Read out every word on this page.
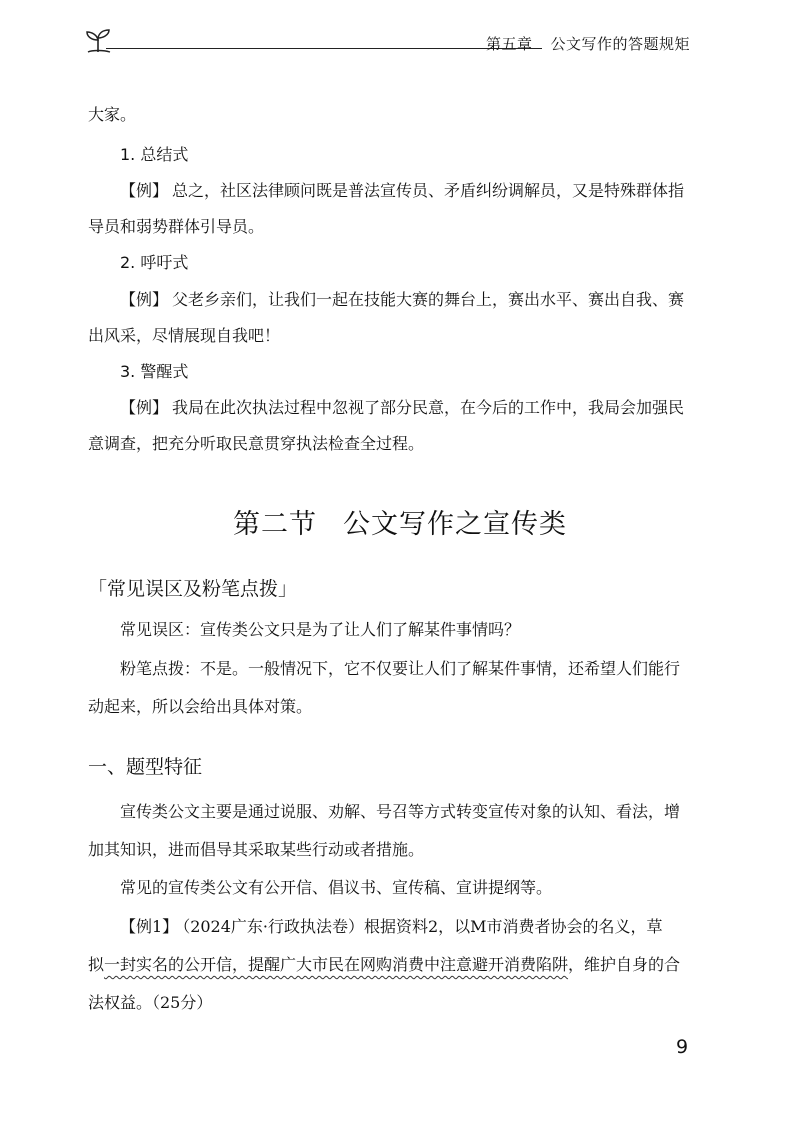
第五章 公文写作的答题规矩
大家。
1. 总结式
【例】 总之，社区法律顾问既是普法宣传员、矛盾纠纷调解员，又是特殊群体指
导员和弱势群体引导员。
2. 呼吁式
【例】 父老乡亲们，让我们一起在技能大赛的舞台上，赛出水平、赛出自我、赛
出风采，尽情展现自我吧！
3. 警醒式
【例】 我局在此次执法过程中忽视了部分民意，在今后的工作中，我局会加强民
意调查，把充分听取民意贯穿执法检查全过程。
第二节 公文写作之宣传类
「常见误区及粉笔点拨」
常见误区：宣传类公文只是为了让人们了解某件事情吗？
粉笔点拨：不是。一般情况下，它不仅要让人们了解某件事情，还希望人们能行
动起来，所以会给出具体对策。
一、题型特征
宣传类公文主要是通过说服、劝解、号召等方式转变宣传对象的认知、看法，增
加其知识，进而倡导其采取某些行动或者措施。
常见的宣传类公文有公开信、倡议书、宣传稿、宣讲提纲等。
【例1】 （2024广东·行政执法卷）根据资料2，以M市消费者协会的名义，草
拟一封实名的公开信，提醒广大市民在网购消费中注意避开消费陷阱，维护自身的合
法权益。（25分）
9
